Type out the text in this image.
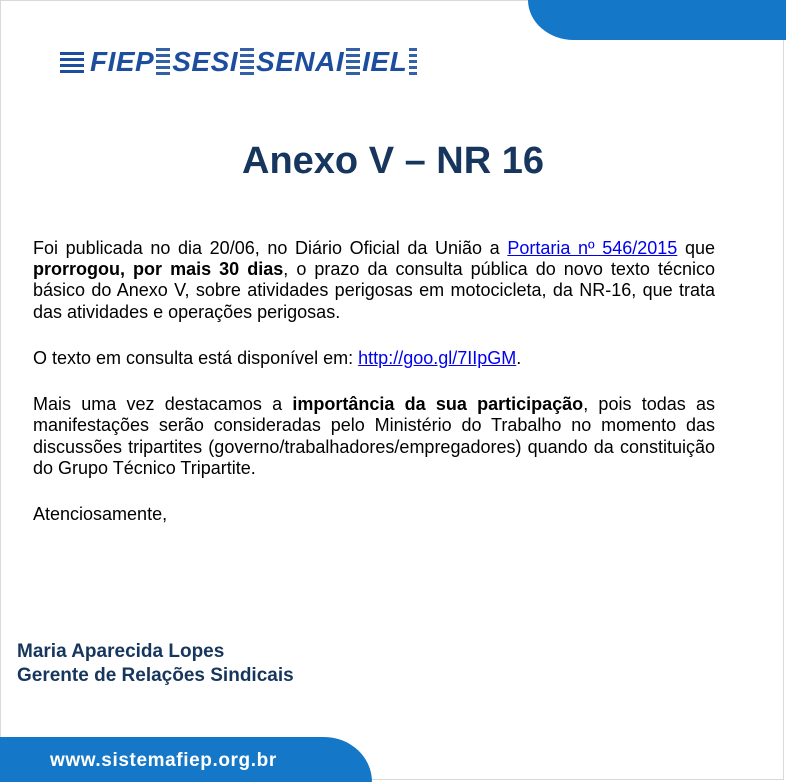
FIEP SESI SENAI IEL
Anexo V – NR 16

Foi publicada no dia 20/06, no Diário Oficial da União a Portaria nº 546/2015 que prorrogou, por mais 30 dias, o prazo da consulta pública do novo texto técnico básico do Anexo V, sobre atividades perigosas em motocicleta, da NR-16, que trata das atividades e operações perigosas.

O texto em consulta está disponível em: http://goo.gl/7IIpGM.

Mais uma vez destacamos a importância da sua participação, pois todas as manifestações serão consideradas pelo Ministério do Trabalho no momento das discussões tripartites (governo/trabalhadores/empregadores) quando da constituição do Grupo Técnico Tripartite.

Atenciosamente,

Maria Aparecida Lopes
Gerente de Relações Sindicais
www.sistemafiep.org.br
